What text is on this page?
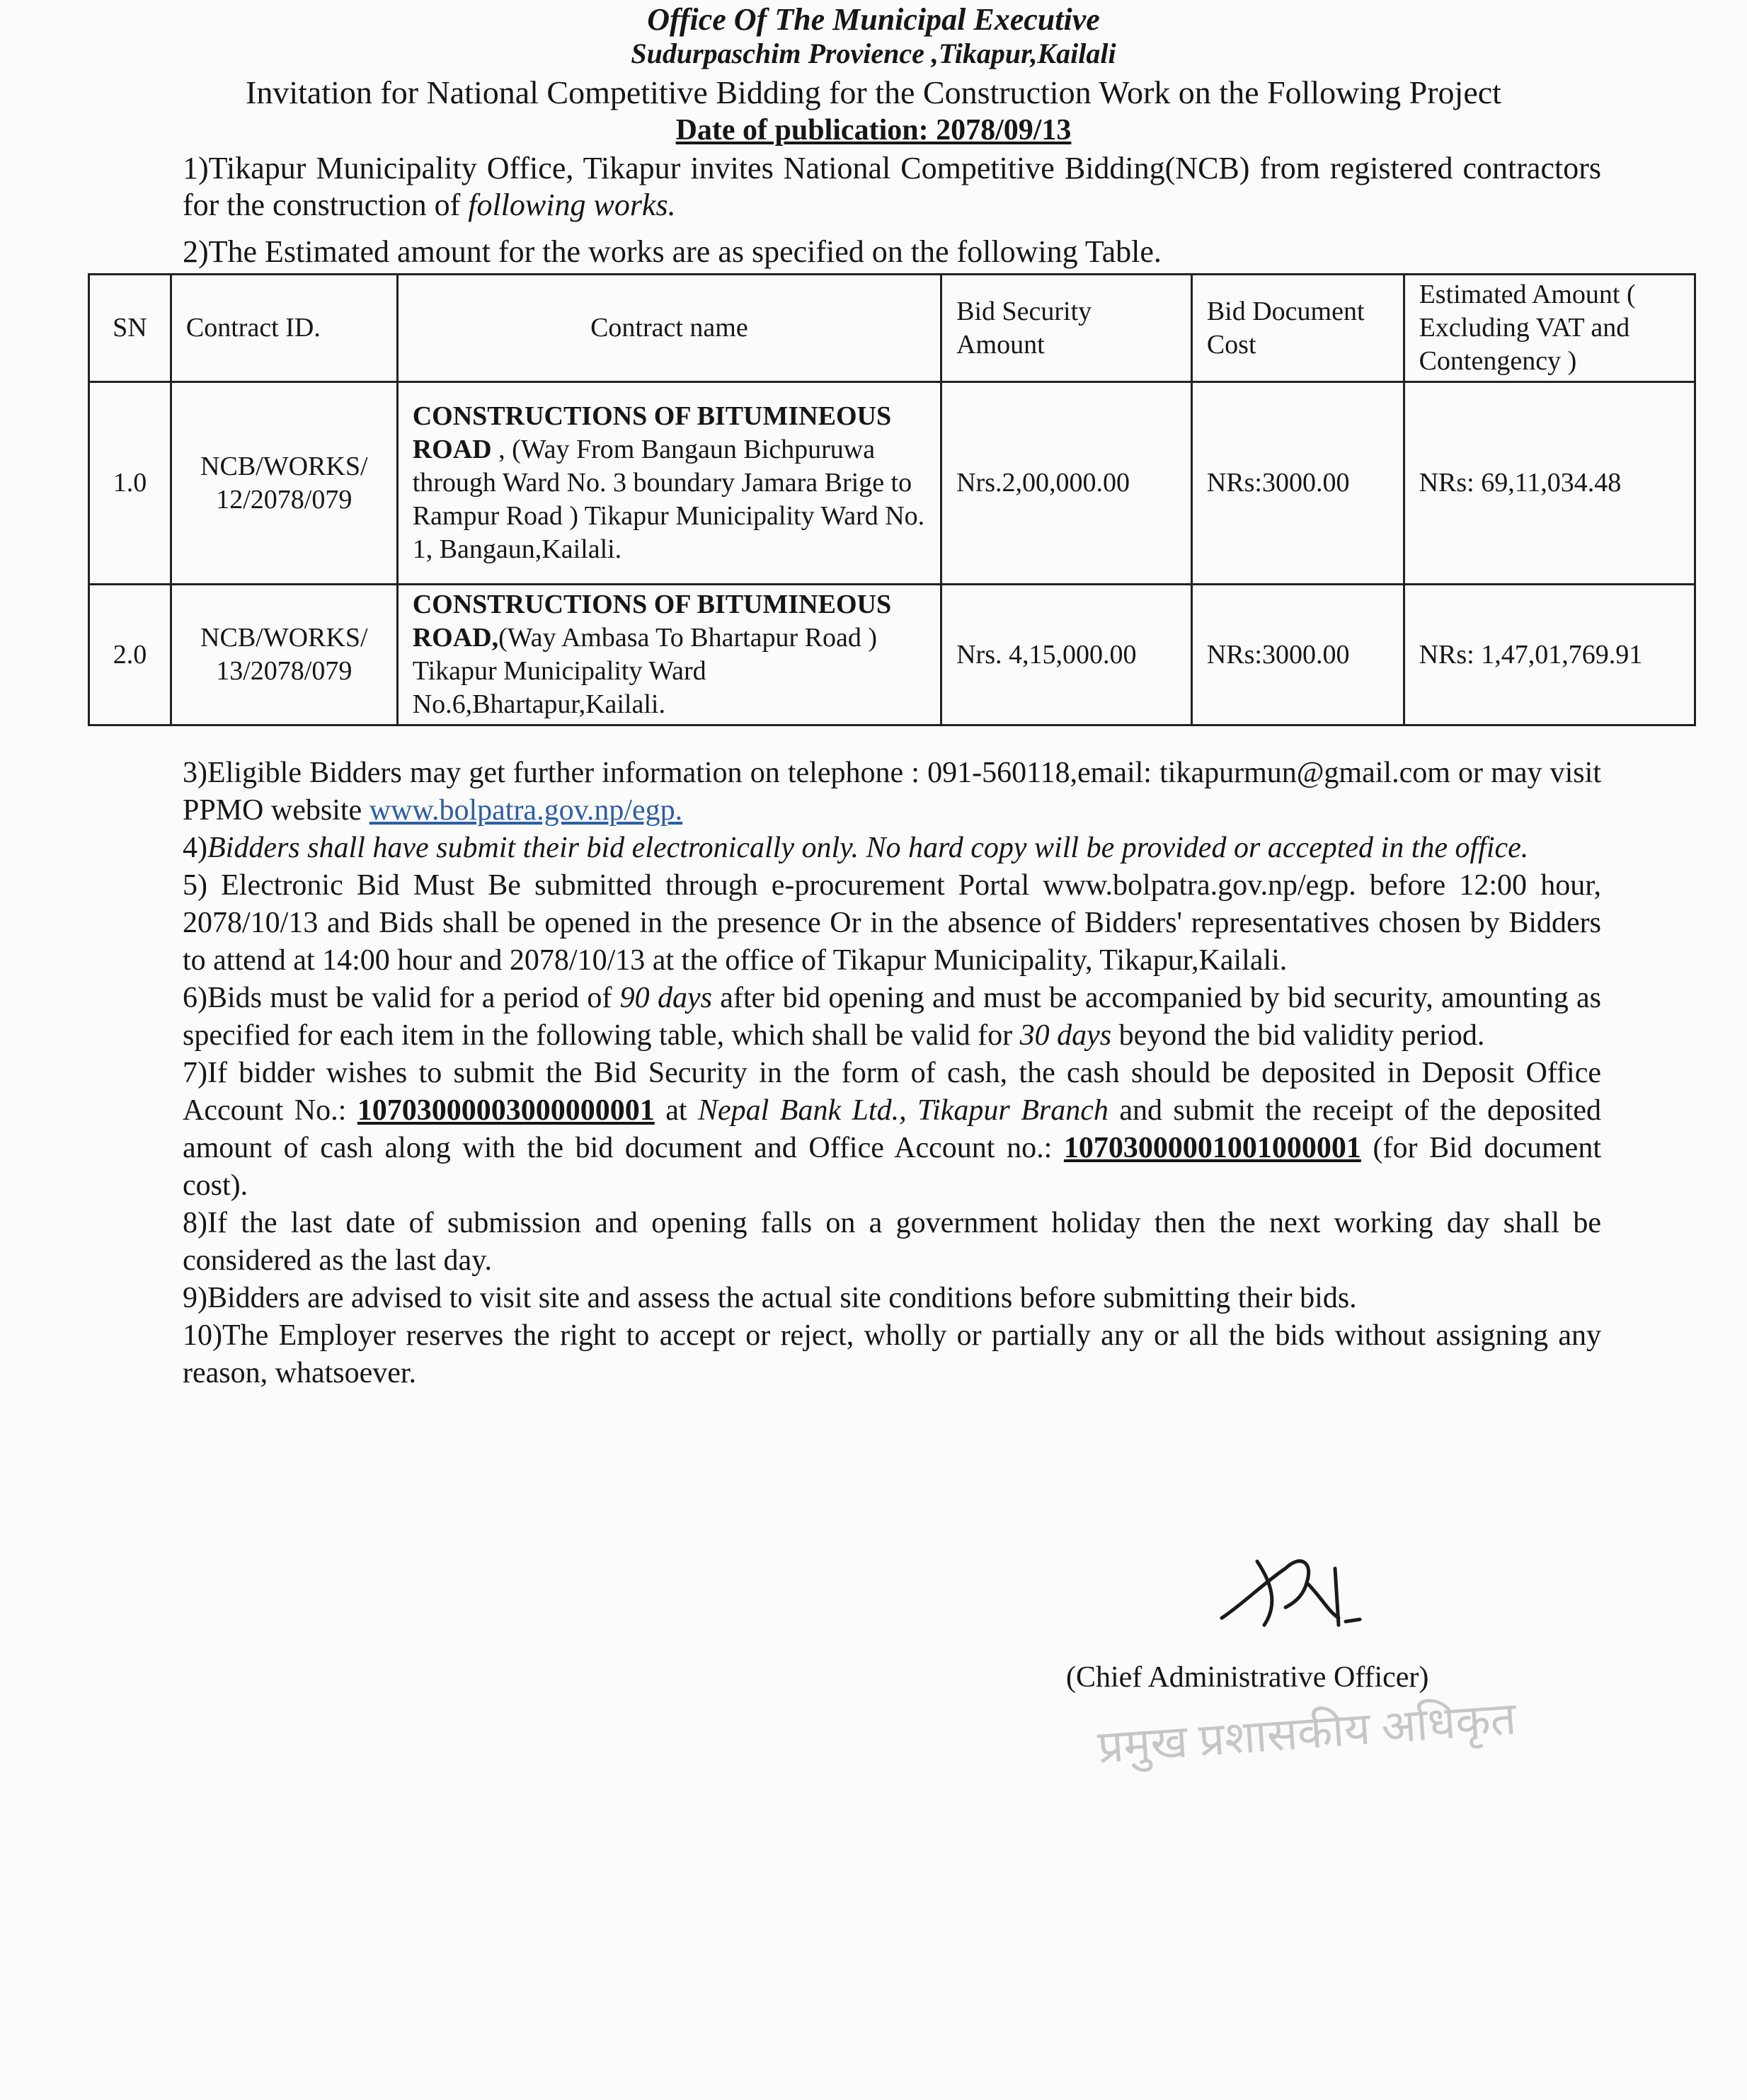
Office Of The Municipal Executive
Sudurpaschim Provience ,Tikapur,Kailali
Invitation for National Competitive Bidding for the Construction Work on the Following Project
Date of publication: 2078/09/13
1)Tikapur Municipality Office, Tikapur invites National Competitive Bidding(NCB) from registered contractors for the construction of following works.
2)The Estimated amount for the works are as specified on the following Table.
SN	Contract ID.	Contract name	Bid Security Amount	Bid Document Cost	Estimated Amount ( Excluding VAT and Contengency )
1.0	NCB/WORKS/ 12/2078/079	CONSTRUCTIONS OF BITUMINEOUS ROAD , (Way From Bangaun Bichpuruwa through Ward No. 3 boundary Jamara Brige to Rampur Road ) Tikapur Municipality Ward No. 1, Bangaun,Kailali.	Nrs.2,00,000.00	NRs:3000.00	NRs: 69,11,034.48
2.0	NCB/WORKS/ 13/2078/079	CONSTRUCTIONS OF BITUMINEOUS ROAD,(Way Ambasa To Bhartapur Road ) Tikapur Municipality Ward No.6,Bhartapur,Kailali.	Nrs. 4,15,000.00	NRs:3000.00	NRs: 1,47,01,769.91

3)Eligible Bidders may get further information on telephone : 091-560118,email: tikapurmun@gmail.com or may visit PPMO website www.bolpatra.gov.np/egp.

4)Bidders shall have submit their bid electronically only. No hard copy will be provided or accepted in the office.

5) Electronic Bid Must Be submitted through e-procurement Portal www.bolpatra.gov.np/egp. before 12:00 hour, 2078/10/13 and Bids shall be opened in the presence Or in the absence of Bidders' representatives chosen by Bidders to attend at 14:00 hour and 2078/10/13 at the office of Tikapur Municipality, Tikapur,Kailali.

6)Bids must be valid for a period of 90 days after bid opening and must be accompanied by bid security, amounting as specified for each item in the following table, which shall be valid for 30 days beyond the bid validity period.

7)If bidder wishes to submit the Bid Security in the form of cash, the cash should be deposited in Deposit Office Account No.: 10703000003000000001 at Nepal Bank Ltd., Tikapur Branch and submit the receipt of the deposited amount of cash along with the bid document and Office Account no.: 10703000001001000001 (for Bid document cost).

8)If the last date of submission and opening falls on a government holiday then the next working day shall be considered as the last day.

9)Bidders are advised to visit site and assess the actual site conditions before submitting their bids.

10)The Employer reserves the right to accept or reject, wholly or partially any or all the bids without assigning any reason, whatsoever.

(Chief Administrative Officer)
प्रमुख प्रशासकीय अधिकृत
